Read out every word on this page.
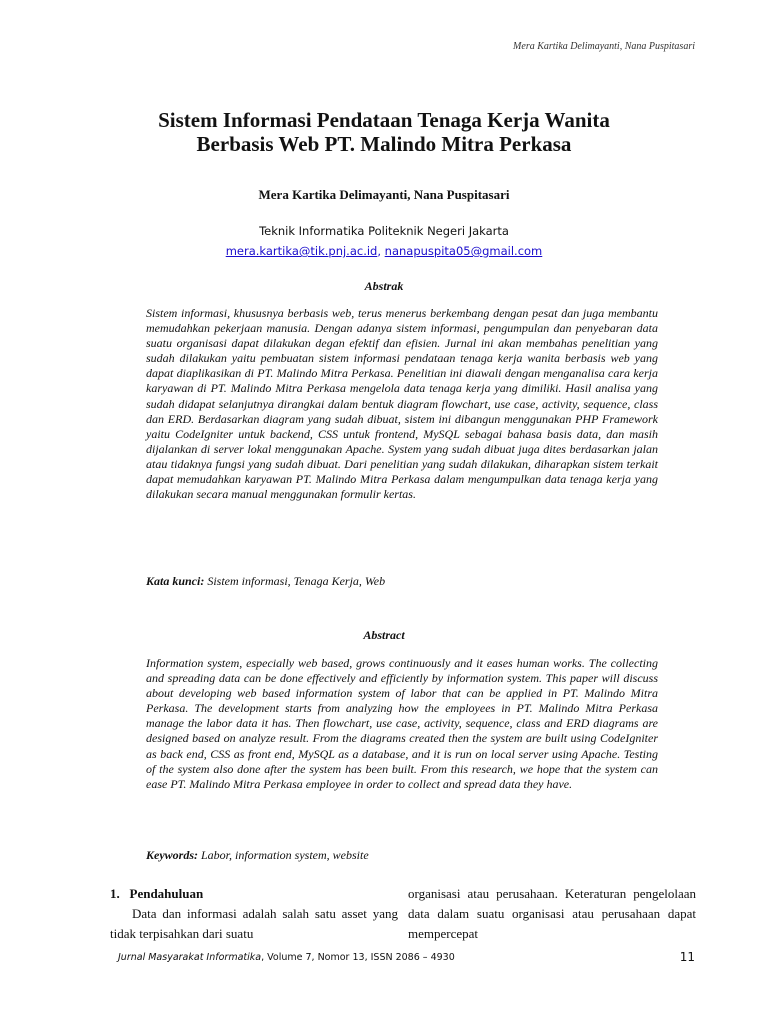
Mera Kartika Delimayanti, Nana Puspitasari
Sistem Informasi Pendataan Tenaga Kerja Wanita
Berbasis Web PT. Malindo Mitra Perkasa
Mera Kartika Delimayanti, Nana Puspitasari
Teknik Informatika Politeknik Negeri Jakarta
mera.kartika@tik.pnj.ac.id, nanapuspita05@gmail.com
Abstrak
Sistem informasi, khususnya berbasis web, terus menerus berkembang dengan pesat dan juga membantu memudahkan pekerjaan manusia. Dengan adanya sistem informasi, pengumpulan dan penyebaran data suatu organisasi dapat dilakukan degan efektif dan efisien. Jurnal ini akan membahas penelitian yang sudah dilakukan yaitu pembuatan sistem informasi pendataan tenaga kerja wanita berbasis web yang dapat diaplikasikan di PT. Malindo Mitra Perkasa. Penelitian ini diawali dengan menganalisa cara kerja karyawan di PT. Malindo Mitra Perkasa mengelola data tenaga kerja yang dimiliki. Hasil analisa yang sudah didapat selanjutnya dirangkai dalam bentuk diagram flowchart, use case, activity, sequence, class dan ERD. Berdasarkan diagram yang sudah dibuat, sistem ini dibangun menggunakan PHP Framework yaitu CodeIgniter untuk backend, CSS untuk frontend, MySQL sebagai bahasa basis data, dan masih dijalankan di server lokal menggunakan Apache. System yang sudah dibuat juga dites berdasarkan jalan atau tidaknya fungsi yang sudah dibuat. Dari penelitian yang sudah dilakukan, diharapkan sistem terkait dapat memudahkan karyawan PT. Malindo Mitra Perkasa dalam mengumpulkan data tenaga kerja yang dilakukan secara manual menggunakan formulir kertas.
Kata kunci: Sistem informasi, Tenaga Kerja, Web
Abstract
Information system, especially web based, grows continuously and it eases human works. The collecting and spreading data can be done effectively and efficiently by information system. This paper will discuss about developing web based information system of labor that can be applied in PT. Malindo Mitra Perkasa. The development starts from analyzing how the employees in PT. Malindo Mitra Perkasa manage the labor data it has. Then flowchart, use case, activity, sequence, class and ERD diagrams are designed based on analyze result. From the diagrams created then the system are built using CodeIgniter as back end, CSS as front end, MySQL as a database, and it is run on local server using Apache. Testing of the system also done after the system has been built. From this research, we hope that the system can ease PT. Malindo Mitra Perkasa employee in order to collect and spread data they have.
Keywords: Labor, information system, website
1.   Pendahuluan
Data dan informasi adalah salah satu asset yang tidak terpisahkan dari suatu
organisasi atau perusahaan. Keteraturan pengelolaan data dalam suatu organisasi atau perusahaan dapat mempercepat
Jurnal Masyarakat Informatika, Volume 7, Nomor 13, ISSN 2086 – 4930	11
